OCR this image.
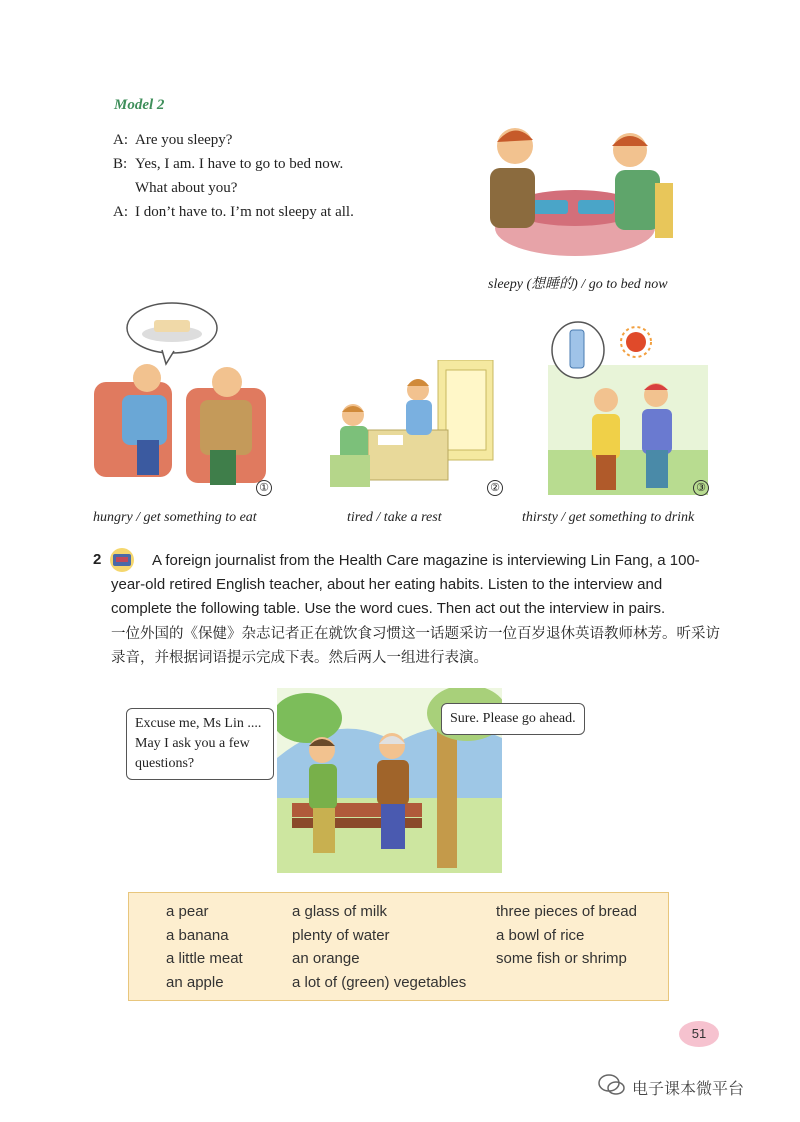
Model 2
A: Are you sleepy?
B: Yes, I am. I have to go to bed now.
What about you?
A: I don’t have to. I’m not sleepy at all.
sleepy (想睡的) / go to bed now
①
hungry / get something to eat
②
tired / take a rest
③
thirsty / get something to drink
2	A foreign journalist from the Health Care magazine is interviewing Lin Fang, a 100-year-old retired English teacher, about her eating habits. Listen to the interview and complete the following table. Use the word cues. Then act out the interview in pairs.
一位外国的《保健》杂志记者正在就饮食习惯这一话题采访一位百岁退休英语教师林芳。听采访录音，并根据词语提示完成下表。然后两人一组进行表演。
Excuse me, Ms Lin .... May I ask you a few questions?
Sure. Please go ahead.
a pear
a banana
a little meat
an apple
a glass of milk
plenty of water
an orange
a lot of (green) vegetables
three pieces of bread
a bowl of rice
some fish or shrimp
51
电子课本微平台
